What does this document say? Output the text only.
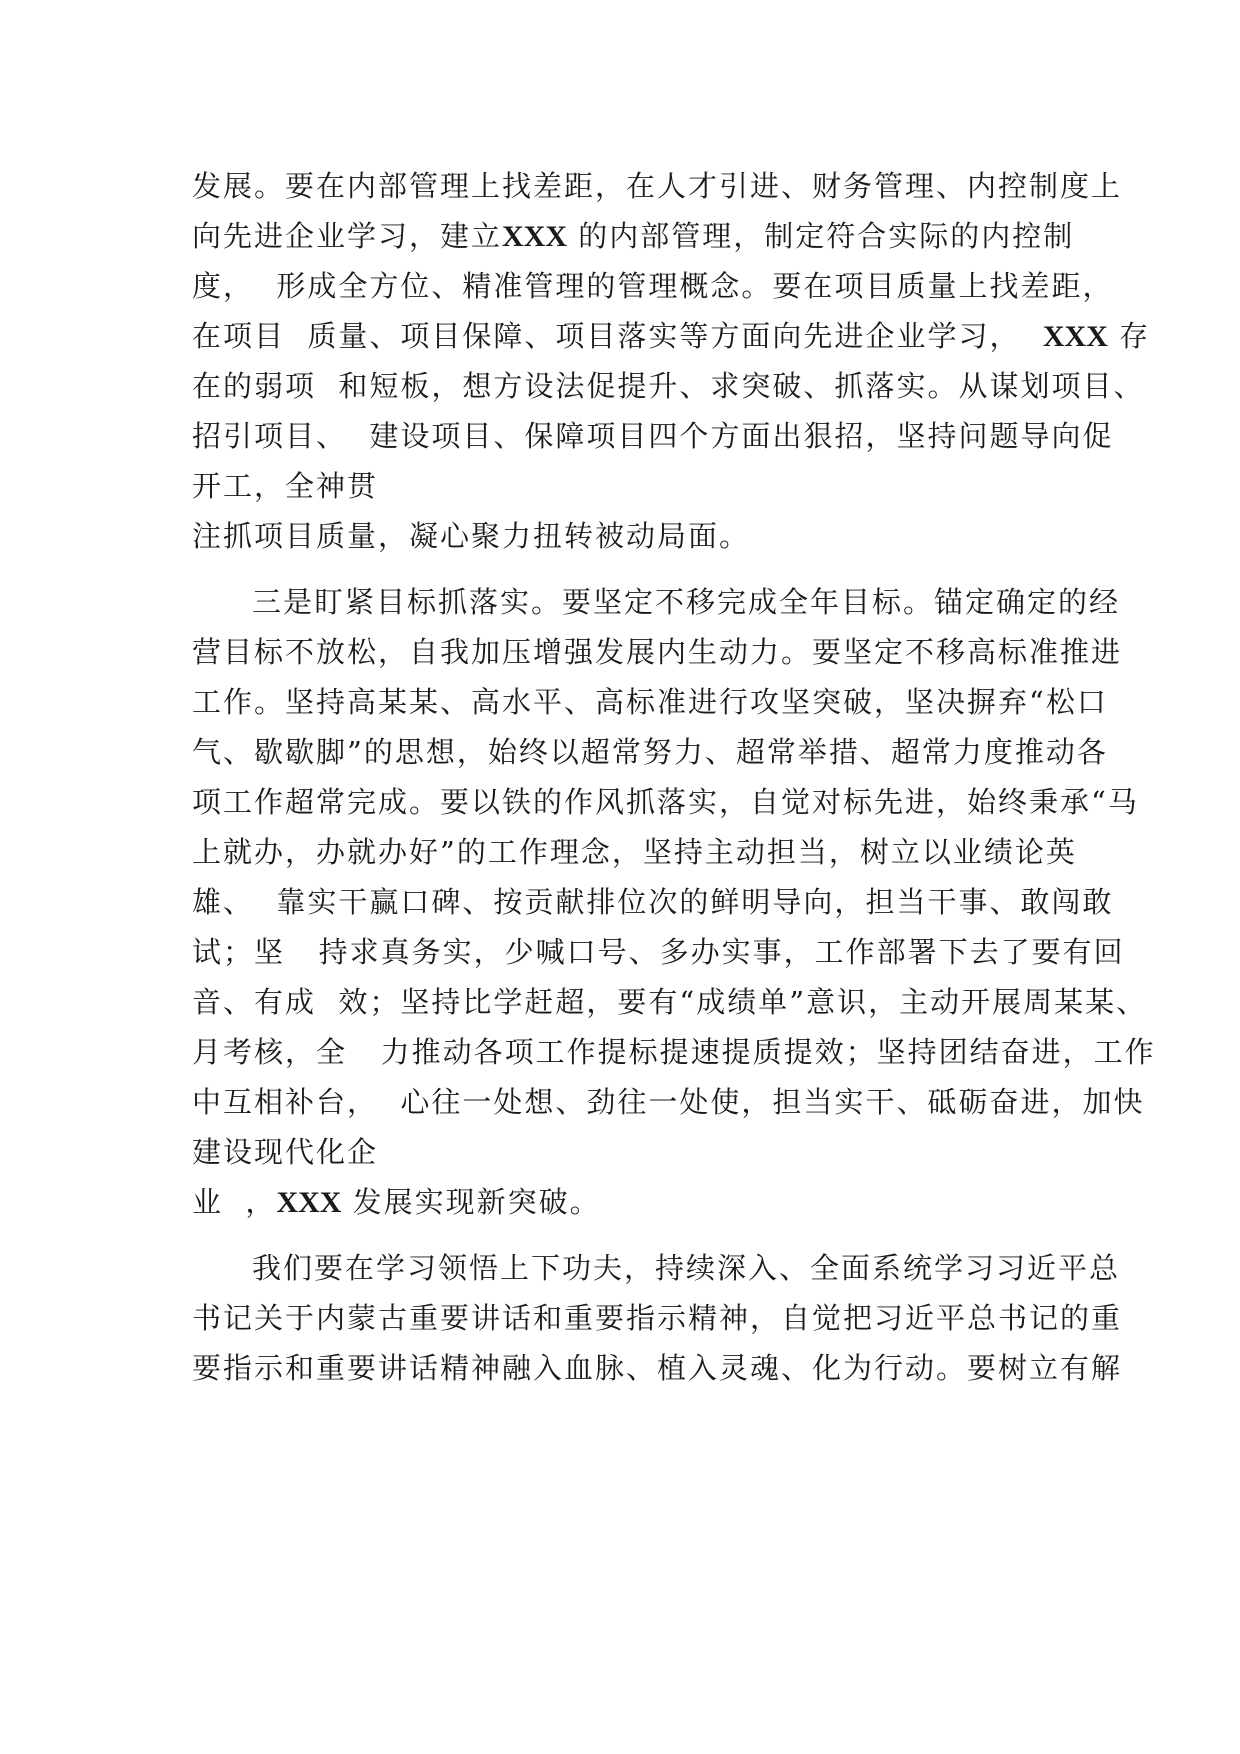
发展。要在内部管理上找差距，在人才引进、财务管理、内控制度上

向先进企业学习，建立XXX 的内部管理，制定符合实际的内控制

度，  形成全方位、精准管理的管理概念。要在项目质量上找差距，

在项目  质量、项目保障、项目落实等方面向先进企业学习，  XXX 存

在的弱项  和短板，想方设法促提升、求突破、抓落实。从谋划项目、

招引项目、  建设项目、保障项目四个方面出狠招，坚持问题导向促

开工，全神贯

注抓项目质量，凝心聚力扭转被动局面。

三是盯紧目标抓落实。要坚定不移完成全年目标。锚定确定的经

营目标不放松，自我加压增强发展内生动力。要坚定不移高标准推进

工作。坚持高某某、高水平、高标准进行攻坚突破，坚决摒弃“松口

气、歇歇脚”的思想，始终以超常努力、超常举措、超常力度推动各

项工作超常完成。要以铁的作风抓落实，自觉对标先进，始终秉承“马

上就办，办就办好”的工作理念，坚持主动担当，树立以业绩论英

雄、  靠实干赢口碑、按贡献排位次的鲜明导向，担当干事、敢闯敢

试；坚   持求真务实，少喊口号、多办实事，工作部署下去了要有回

音、有成  效；坚持比学赶超，要有“成绩单”意识，主动开展周某某、

月考核，全   力推动各项工作提标提速提质提效；坚持团结奋进，工作

中互相补台，  心往一处想、劲往一处使，担当实干、砥砺奋进，加快

建设现代化企

业  ，XXX 发展实现新突破。

我们要在学习领悟上下功夫，持续深入、全面系统学习习近平总

书记关于内蒙古重要讲话和重要指示精神，自觉把习近平总书记的重

要指示和重要讲话精神融入血脉、植入灵魂、化为行动。要树立有解
